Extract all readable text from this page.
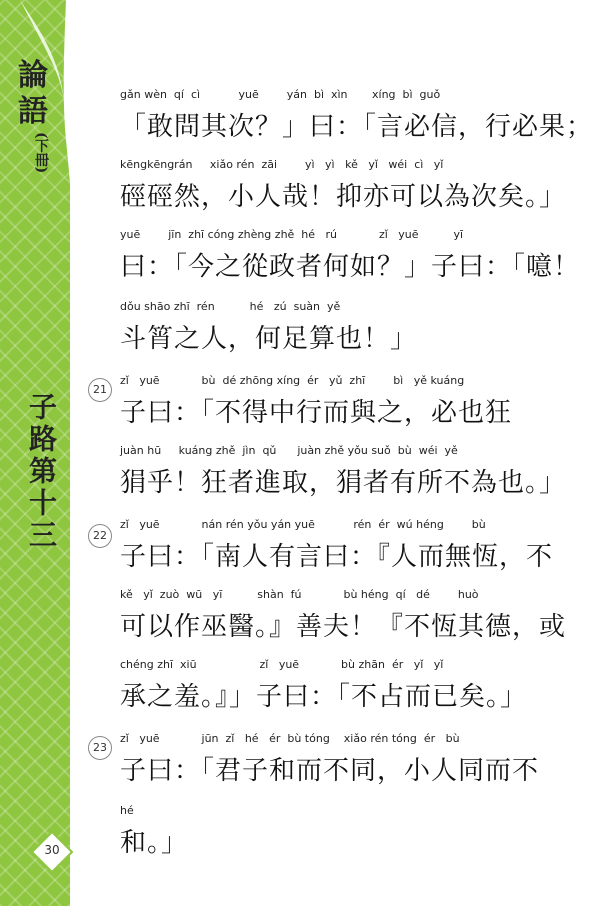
論語
(下冊)
子路第十三
30
gǎn wèn  qí  cì           yuē        yán  bì  xìn       xíng  bì  guǒ
「敢問其次？」曰：「言必信，行必果；
kēngkēngrán     xiǎo rén  zāi        yì   yì   kě   yǐ   wéi  cì   yǐ
硜硜然，小人哉！抑亦可以為次矣。」
yuē        jīn  zhī cóng zhèng zhě  hé   rú            zǐ   yuē          yī
曰：「今之從政者何如？」子曰：「噫！
dǒu shāo zhī  rén          hé   zú  suàn  yě
斗筲之人，何足算也！」
21
zǐ   yuē            bù  dé zhōng xíng  ér   yǔ  zhī        bì   yě kuáng
子曰：「不得中行而與之，必也狂
juàn hū     kuáng zhě  jìn  qǔ      juàn zhě yǒu suǒ  bù  wéi  yě
狷乎！狂者進取，狷者有所不為也。」
22
zǐ   yuē            nán rén yǒu yán yuē           rén  ér  wú héng        bù
子曰：「南人有言曰：『人而無恆，不
kě   yǐ  zuò  wū   yī          shàn  fú            bù héng  qí   dé        huò
可以作巫醫。』善夫！『不恆其德，或
chéng zhī  xiū                  zǐ   yuē            bù zhān  ér   yǐ   yǐ
承之羞。』」子曰：「不占而已矣。」
23
zǐ   yuē            jūn  zǐ   hé   ér  bù tóng    xiǎo rén tóng  ér   bù
子曰：「君子和而不同，小人同而不
hé
和。」
